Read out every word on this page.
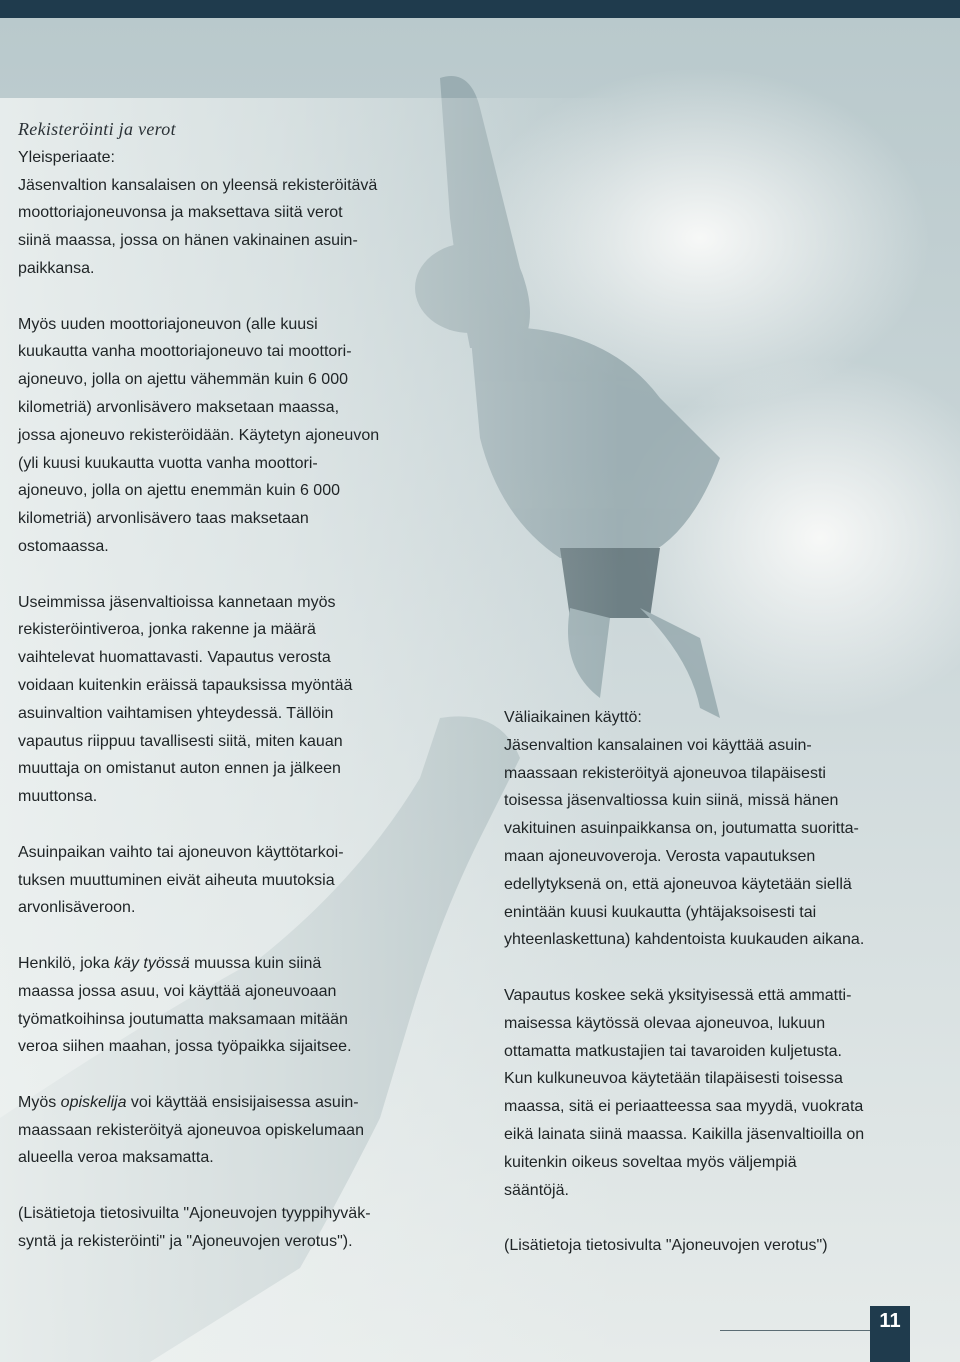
Rekisteröinti ja verot
Yleisperiaate:
Jäsenvaltion kansalaisen on yleensä rekisteröitävä
moottoriajoneuvonsa ja maksettava siitä verot
siinä maassa, jossa on hänen vakinainen asuin-
paikkansa.

Myös uuden moottoriajoneuvon (alle kuusi
kuukautta vanha moottoriajoneuvo tai moottori-
ajoneuvo, jolla on ajettu vähemmän kuin 6 000
kilometriä) arvonlisävero maksetaan maassa,
jossa ajoneuvo rekisteröidään. Käytetyn ajoneuvon
(yli kuusi kuukautta vuotta vanha moottori-
ajoneuvo, jolla on ajettu enemmän kuin 6 000
kilometriä) arvonlisävero taas maksetaan
ostomaassa.

Useimmissa jäsenvaltioissa kannetaan myös
rekisteröintiveroa, jonka rakenne ja määrä
vaihtelevat huomattavasti. Vapautus verosta
voidaan kuitenkin eräissä tapauksissa myöntää
asuinvaltion vaihtamisen yhteydessä. Tällöin
vapautus riippuu tavallisesti siitä, miten kauan
muuttaja on omistanut auton ennen ja jälkeen
muuttonsa.

Asuinpaikan vaihto tai ajoneuvon käyttötarkoi-
tuksen muuttuminen eivät aiheuta muutoksia
arvonlisäveroon.

Henkilö, joka käy työssä muussa kuin siinä
maassa jossa asuu, voi käyttää ajoneuvoaan
työmatkoihinsa joutumatta maksamaan mitään
veroa siihen maahan, jossa työpaikka sijaitsee.

Myös opiskelija voi käyttää ensisijaisessa asuin-
maassaan rekisteröityä ajoneuvoa opiskelumaan
alueella veroa maksamatta.

(Lisätietoja tietosivuilta "Ajoneuvojen tyyppihyväk-
syntä ja rekisteröinti" ja "Ajoneuvojen verotus").

Väliaikainen käyttö:
Jäsenvaltion kansalainen voi käyttää asuin-
maassaan rekisteröityä ajoneuvoa tilapäisesti
toisessa jäsenvaltiossa kuin siinä, missä hänen
vakituinen asuinpaikkansa on, joutumatta suoritta-
maan ajoneuvoveroja. Verosta vapautuksen
edellytyksenä on, että ajoneuvoa käytetään siellä
enintään kuusi kuukautta (yhtäjaksoisesti tai
yhteenlaskettuna) kahdentoista kuukauden aikana.

Vapautus koskee sekä yksityisessä että ammatti-
maisessa käytössä olevaa ajoneuvoa, lukuun
ottamatta matkustajien tai tavaroiden kuljetusta.
Kun kulkuneuvoa käytetään tilapäisesti toisessa
maassa, sitä ei periaatteessa saa myydä, vuokrata
eikä lainata siinä maassa. Kaikilla jäsenvaltioilla on
kuitenkin oikeus soveltaa myös väljempiä
sääntöjä.

(Lisätietoja tietosivulta "Ajoneuvojen verotus")

11
